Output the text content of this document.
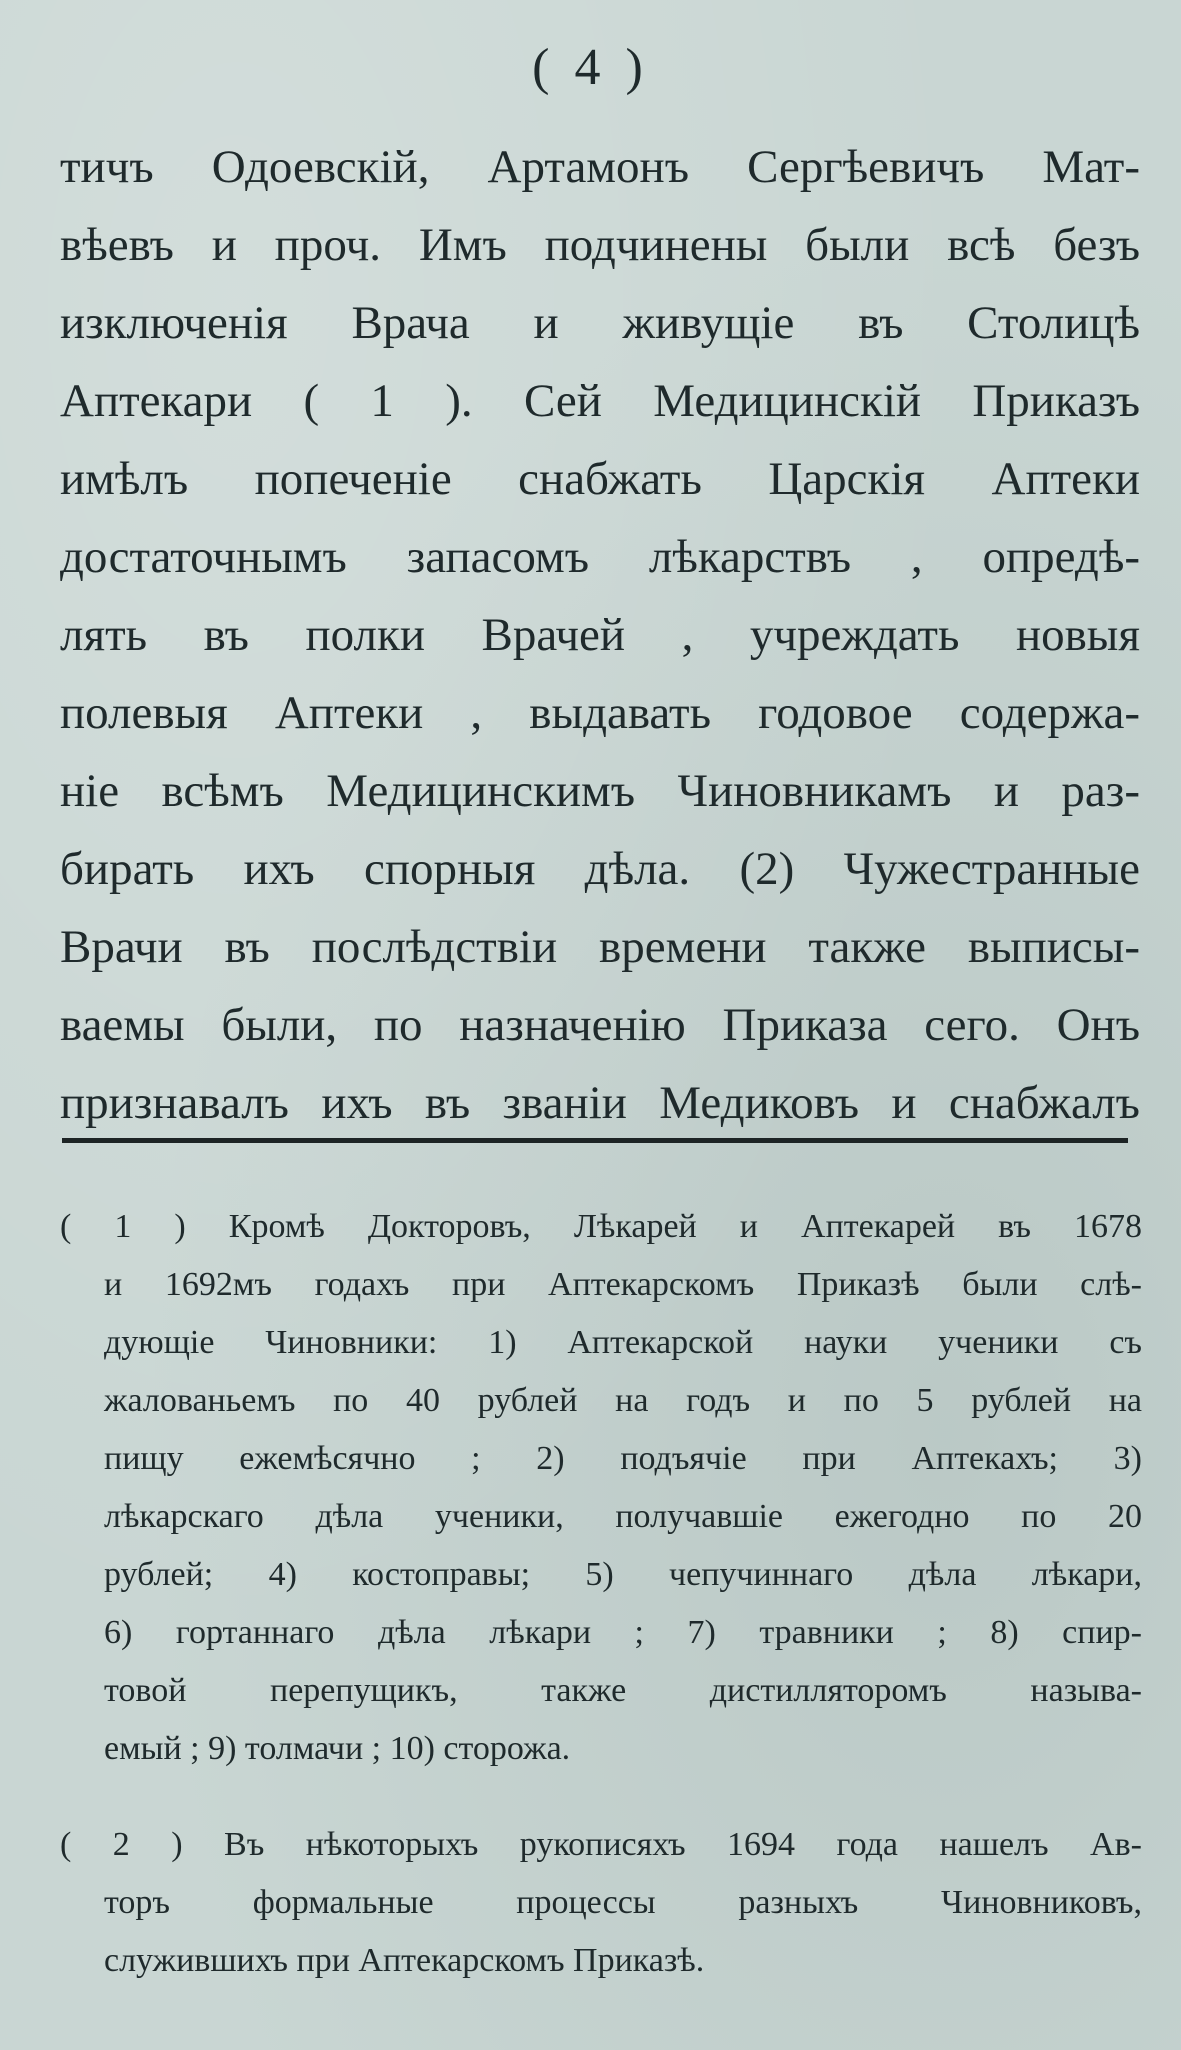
( 4 )
тичъ Одоевскій, Артамонъ Сергѣевичъ Мат-
вѣевъ и проч. Имъ подчинены были всѣ безъ
изключенія Врача и живущіе въ Столицѣ
Аптекари ( 1 ). Сей Медицинскій Приказъ
имѣлъ попеченіе снабжать Царскія Аптеки
достаточнымъ запасомъ лѣкарствъ , опредѣ-
лять въ полки Врачей , учреждать новыя
полевыя Аптеки , выдавать годовое содержа-
ніе всѣмъ Медицинскимъ Чиновникамъ и раз-
бирать ихъ спорныя дѣла. (2) Чужестранные
Врачи въ послѣдствіи времени также выписы-
ваемы были, по назначенію Приказа сего. Онъ
признавалъ ихъ въ званіи Медиковъ и снабжалъ
( 1 ) Кромѣ Докторовъ, Лѣкарей и Аптекарей въ 1678
и 1692мъ годахъ при Аптекарскомъ Приказѣ были слѣ-
дующіе Чиновники: 1) Аптекарской науки ученики съ
жалованьемъ по 40 рублей на годъ и по 5 рублей на
пищу ежемѣсячно ; 2) подъячіе при Аптекахъ; 3)
лѣкарскаго дѣла ученики, получавшіе ежегодно по 20
рублей; 4) костоправы; 5) чепучиннаго дѣла лѣкари,
6) гортаннаго дѣла лѣкари ; 7) травники ; 8) спир-
товой перепущикъ, также дистилляторомъ называ-
емый ; 9) толмачи ; 10) сторожа.
( 2 ) Въ нѣкоторыхъ рукописяхъ 1694 года нашелъ Ав-
торъ формальные процессы разныхъ Чиновниковъ,
служившихъ при Аптекарскомъ Приказѣ.
